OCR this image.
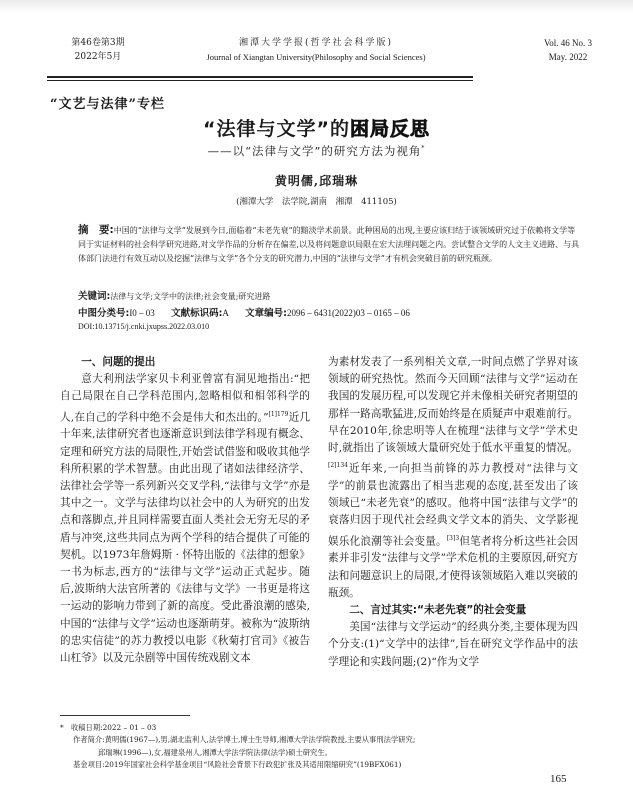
第46卷第3期
2022年5月
湘潭大学学报(哲学社会科学版)
Journal of Xiangtan University(Philosophy and Social Sciences)
Vol. 46 No. 3
May. 2022
“文艺与法律”专栏
“法律与文学”的困局反思
——以“法律与文学”的研究方法为视角*
黄明儒,邱瑞琳
(湘潭大学　法学院,湖南　湘潭　411105)
摘　要:中国的“法律与文学”发展到今日,面临着“未老先衰”的黯淡学术前景。此种困局的出现,主要应该归结于该领域研究过于依赖将文学等同于实证材料的社会科学研究进路,对文学作品的分析存在偏差,以及将问题意识局限在宏大法理问题之内。尝试整合文学的人文主义进路、与具体部门法进行有效互动以及挖掘“法律与文学”各个分支的研究潜力,中国的“法律与文学”才有机会突破目前的研究瓶颈。
关键词:法律与文学;文学中的法律;社会变量;研究进路
中图分类号:I0 – 03 文献标识码:A 文章编号:2096 – 6431(2022)03 – 0165 – 06
DOI:10.13715/j.cnki.jxupss.2022.03.010

一、问题的提出

意大利刑法学家贝卡利亚曾富有洞见地指出:“把自己局限在自己学科范围内,忽略相似和相邻科学的人,在自己的学科中绝不会是伟大和杰出的。”$^{[1]179}$近几十年来,法律研究者也逐渐意识到法律学科现有概念、定理和研究方法的局限性,开始尝试借鉴和吸收其他学科所积累的学术智慧。由此出现了诸如法律经济学、法律社会学等一系列新兴交叉学科,“法律与文学”亦是其中之一。文学与法律均以社会中的人为研究的出发点和落脚点,并且同样需要直面人类社会无穷无尽的矛盾与冲突,这些共同点为两个学科的结合提供了可能的契机。以1973年詹姆斯 · 怀特出版的《法律的想象》一书为标志,西方的“法律与文学”运动正式起步。随后,波斯纳大法官所著的《法律与文学》一书更是将这一运动的影响力带到了新的高度。受此番浪潮的感染,中国的“法律与文学”运动也逐渐萌芽。被称为“波斯纳的忠实信徒”的苏力教授以电影《秋菊打官司》《被告山杠爷》以及元杂剧等中国传统戏剧文本

为素材发表了一系列相关文章,一时间点燃了学界对该领域的研究热忱。然而今天回顾“法律与文学”运动在我国的发展历程,可以发现它并未像相关研究者期望的那样一路高歌猛进,反而始终是在质疑声中艰难前行。早在2010年,徐忠明等人在梳理“法律与文学”学术史时,就指出了该领域大量研究处于低水平重复的情况。$^{[2]134}$近年来,一向担当前锋的苏力教授对“法律与文学”的前景也流露出了相当悲观的态度,甚至发出了该领域已“未老先衰”的感叹。他将中国“法律与文学”的衰落归因于现代社会经典文学文本的消失、文学影视娱乐化浪潮等社会变量。$^{[3]3}$但笔者将分析这些社会因素并非引发“法律与文学”学术危机的主要原因,研究方法和问题意识上的局限,才使得该领域陷入难以突破的瓶颈。

二、言过其实:“未老先衰”的社会变量

美国“法律与文学运动”的经典分类,主要体现为四个分支:(1)“文学中的法律”,旨在研究文学作品中的法学理论和实践问题;(2)“作为文学

*　收稿日期:2022 – 01 – 03
作者简介:黄明儒(1967—),男,湖北监利人,法学博士,博士生导师,湘潭大学法学院教授,主要从事刑法学研究;
邱瑞琳(1996—),女,福建泉州人,湘潭大学法学院法律(法学)硕士研究生。
基金项目:2019年国家社会科学基金项目“风险社会背景下行政犯扩张及其适用限缩研究”(19BFX061)
165
